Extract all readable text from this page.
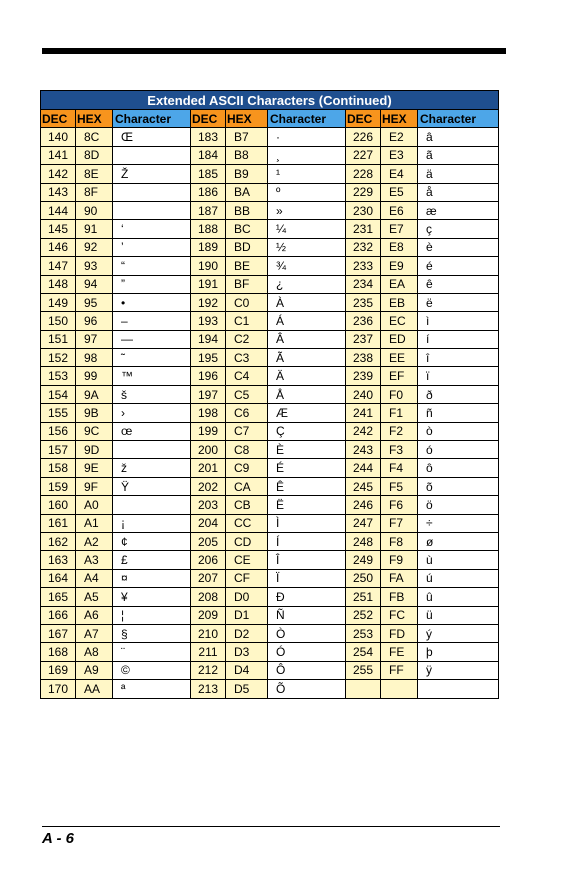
Extended ASCII Characters (Continued)								
DEC	HEX	Character	DEC	HEX	Character	DEC	HEX	Character
140	8C	Œ	183	B7	·	226	E2	â
141	8D		184	B8	¸	227	E3	ã
142	8E	Ž	185	B9	¹	228	E4	ä
143	8F		186	BA	º	229	E5	å
144	90		187	BB	»	230	E6	æ
145	91	‘	188	BC	¼	231	E7	ç
146	92	’	189	BD	½	232	E8	è
147	93	“	190	BE	¾	233	E9	é
148	94	”	191	BF	¿	234	EA	ê
149	95	•	192	C0	À	235	EB	ë
150	96	–	193	C1	Á	236	EC	ì
151	97	—	194	C2	Â	237	ED	í
152	98	˜	195	C3	Ã	238	EE	î
153	99	™	196	C4	Ä	239	EF	ï
154	9A	š	197	C5	Å	240	F0	ð
155	9B	›	198	C6	Æ	241	F1	ñ
156	9C	œ	199	C7	Ç	242	F2	ò
157	9D		200	C8	È	243	F3	ó
158	9E	ž	201	C9	É	244	F4	ô
159	9F	Ÿ	202	CA	Ê	245	F5	õ
160	A0		203	CB	Ë	246	F6	ö
161	A1	¡	204	CC	Ì	247	F7	÷
162	A2	¢	205	CD	Í	248	F8	ø
163	A3	£	206	CE	Î	249	F9	ù
164	A4	¤	207	CF	Ï	250	FA	ú
165	A5	¥	208	D0	Ð	251	FB	û
166	A6	¦	209	D1	Ñ	252	FC	ü
167	A7	§	210	D2	Ò	253	FD	ý
168	A8	¨	211	D3	Ó	254	FE	þ
169	A9	©	212	D4	Ô	255	FF	ÿ
170	AA	ª	213	D5	Õ			
A - 6
